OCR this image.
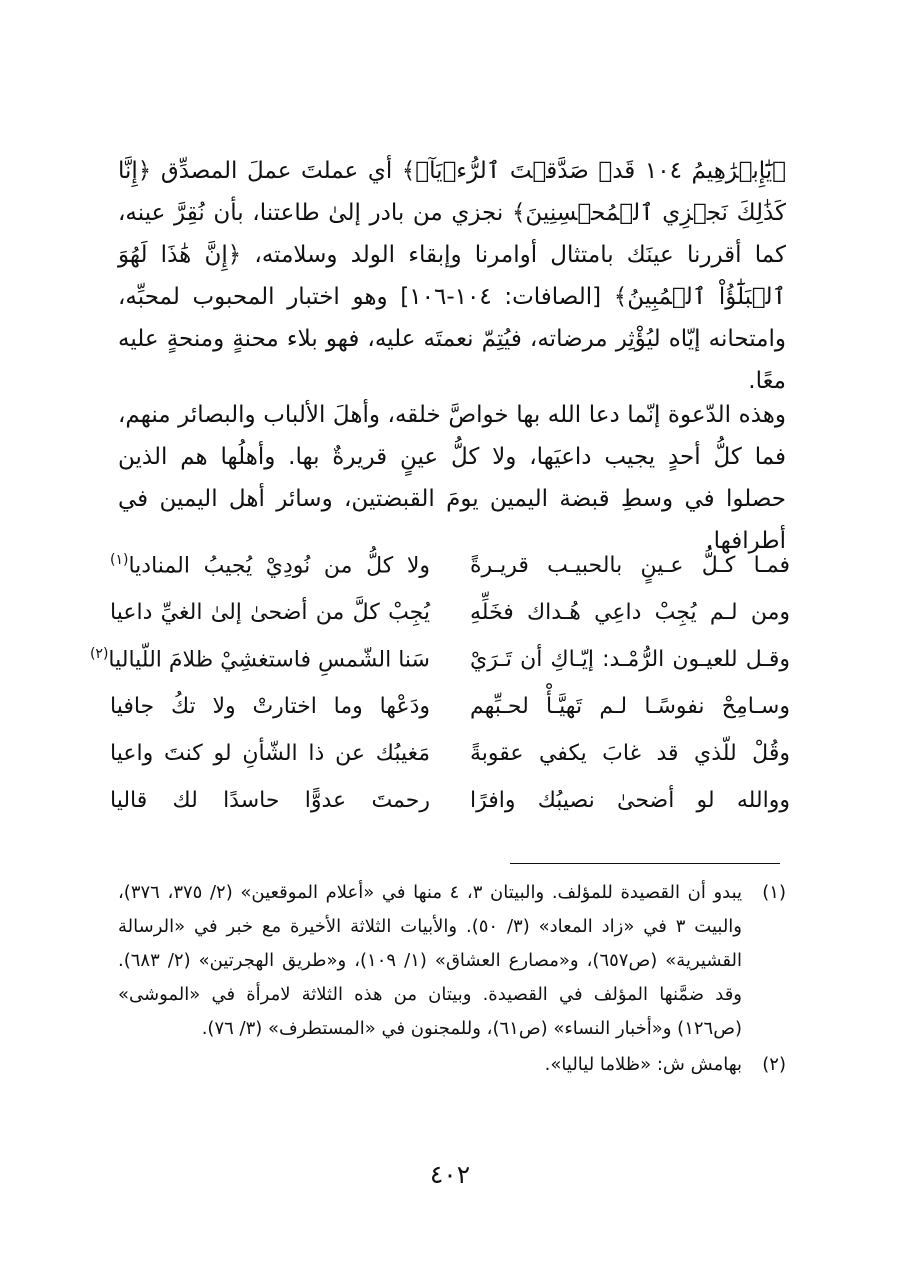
﴿يَٰٓإِبۡرَٰهِيمُ ١٠٤ قَدۡ صَدَّقۡتَ ٱلرُّءۡيَآۚ﴾ أي عملتَ عملَ المصدِّق ﴿إِنَّا كَذَٰلِكَ نَجۡزِي ٱلۡمُحۡسِنِينَ﴾ نجزي من بادر إلىٰ طاعتنا، بأن نُقِرَّ عينه، كما أقررنا عينَك بامتثال أوامرنا وإبقاء الولد وسلامته، ﴿إِنَّ هَٰذَا لَهُوَ ٱلۡبَلَٰٓؤُاْ ٱلۡمُبِينُ﴾ [الصافات: ١٠٤-١٠٦] وهو اختبار المحبوب لمحبِّه، وامتحانه إيّاه ليُؤْثِر مرضاته، فيُتِمّ نعمتَه عليه، فهو بلاء محنةٍ ومنحةٍ عليه معًا.

وهذه الدّعوة إنّما دعا الله بها خواصَّ خلقه، وأهلَ الألباب والبصائر منهم، فما كلُّ أحدٍ يجيب داعيَها، ولا كلُّ عينٍ قريرةٌ بها. وأهلُها هم الذين حصلوا في وسطِ قبضة اليمين يومَ القبضتين، وسائر أهل اليمين في أطرافها.

فمـا كـلُّ عـينٍ بالحبيـب قريـرةً
ولا كلُّ من نُودِيْ يُجيبُ المناديا$^{(١)}$
ومن لـم يُجِبْ داعِي هُـداك فخَلِّهِ
يُجِبْ كلَّ من أضحىٰ إلىٰ الغيِّ داعيا
وقـل للعيـون الرُّمْـد: إيّـاكِ أن تَـرَيْ
سَنا الشّمسِ فاستغشِيْ ظلامَ اللّياليا$^{(٢)}$
وسـامِحْ نفوسًـا لـم تَهيَّـأْ لحـبِّهم
ودَعْها وما اختارتْ ولا تكُ جافيا
وقُلْ للّذي قد غابَ يكفي عقوبةً
مَغيبُك عن ذا الشّأنِ لو كنتَ واعيا
ووالله لو أضحىٰ نصيبُك وافرًا
رحمتَ عدوًّا حاسدًا لك قاليا
(١)
يبدو أن القصيدة للمؤلف. والبيتان ٣، ٤ منها في «أعلام الموقعين» (٢/ ٣٧٥، ٣٧٦)، والبيت ٣ في «زاد المعاد» (٣/ ٥٠). والأبيات الثلاثة الأخيرة مع خبر في «الرسالة القشيرية» (ص٦٥٧)، و«مصارع العشاق» (١/ ١٠٩)، و«طريق الهجرتين» (٢/ ٦٨٣). وقد ضمَّنها المؤلف في القصيدة. وبيتان من هذه الثلاثة لامرأة في «الموشى» (ص١٢٦) و«أخبار النساء» (ص٦١)، وللمجنون في «المستطرف» (٣/ ٧٦).
(٢)
بهامش ش: «ظلاما لياليا».
٤٠٢
